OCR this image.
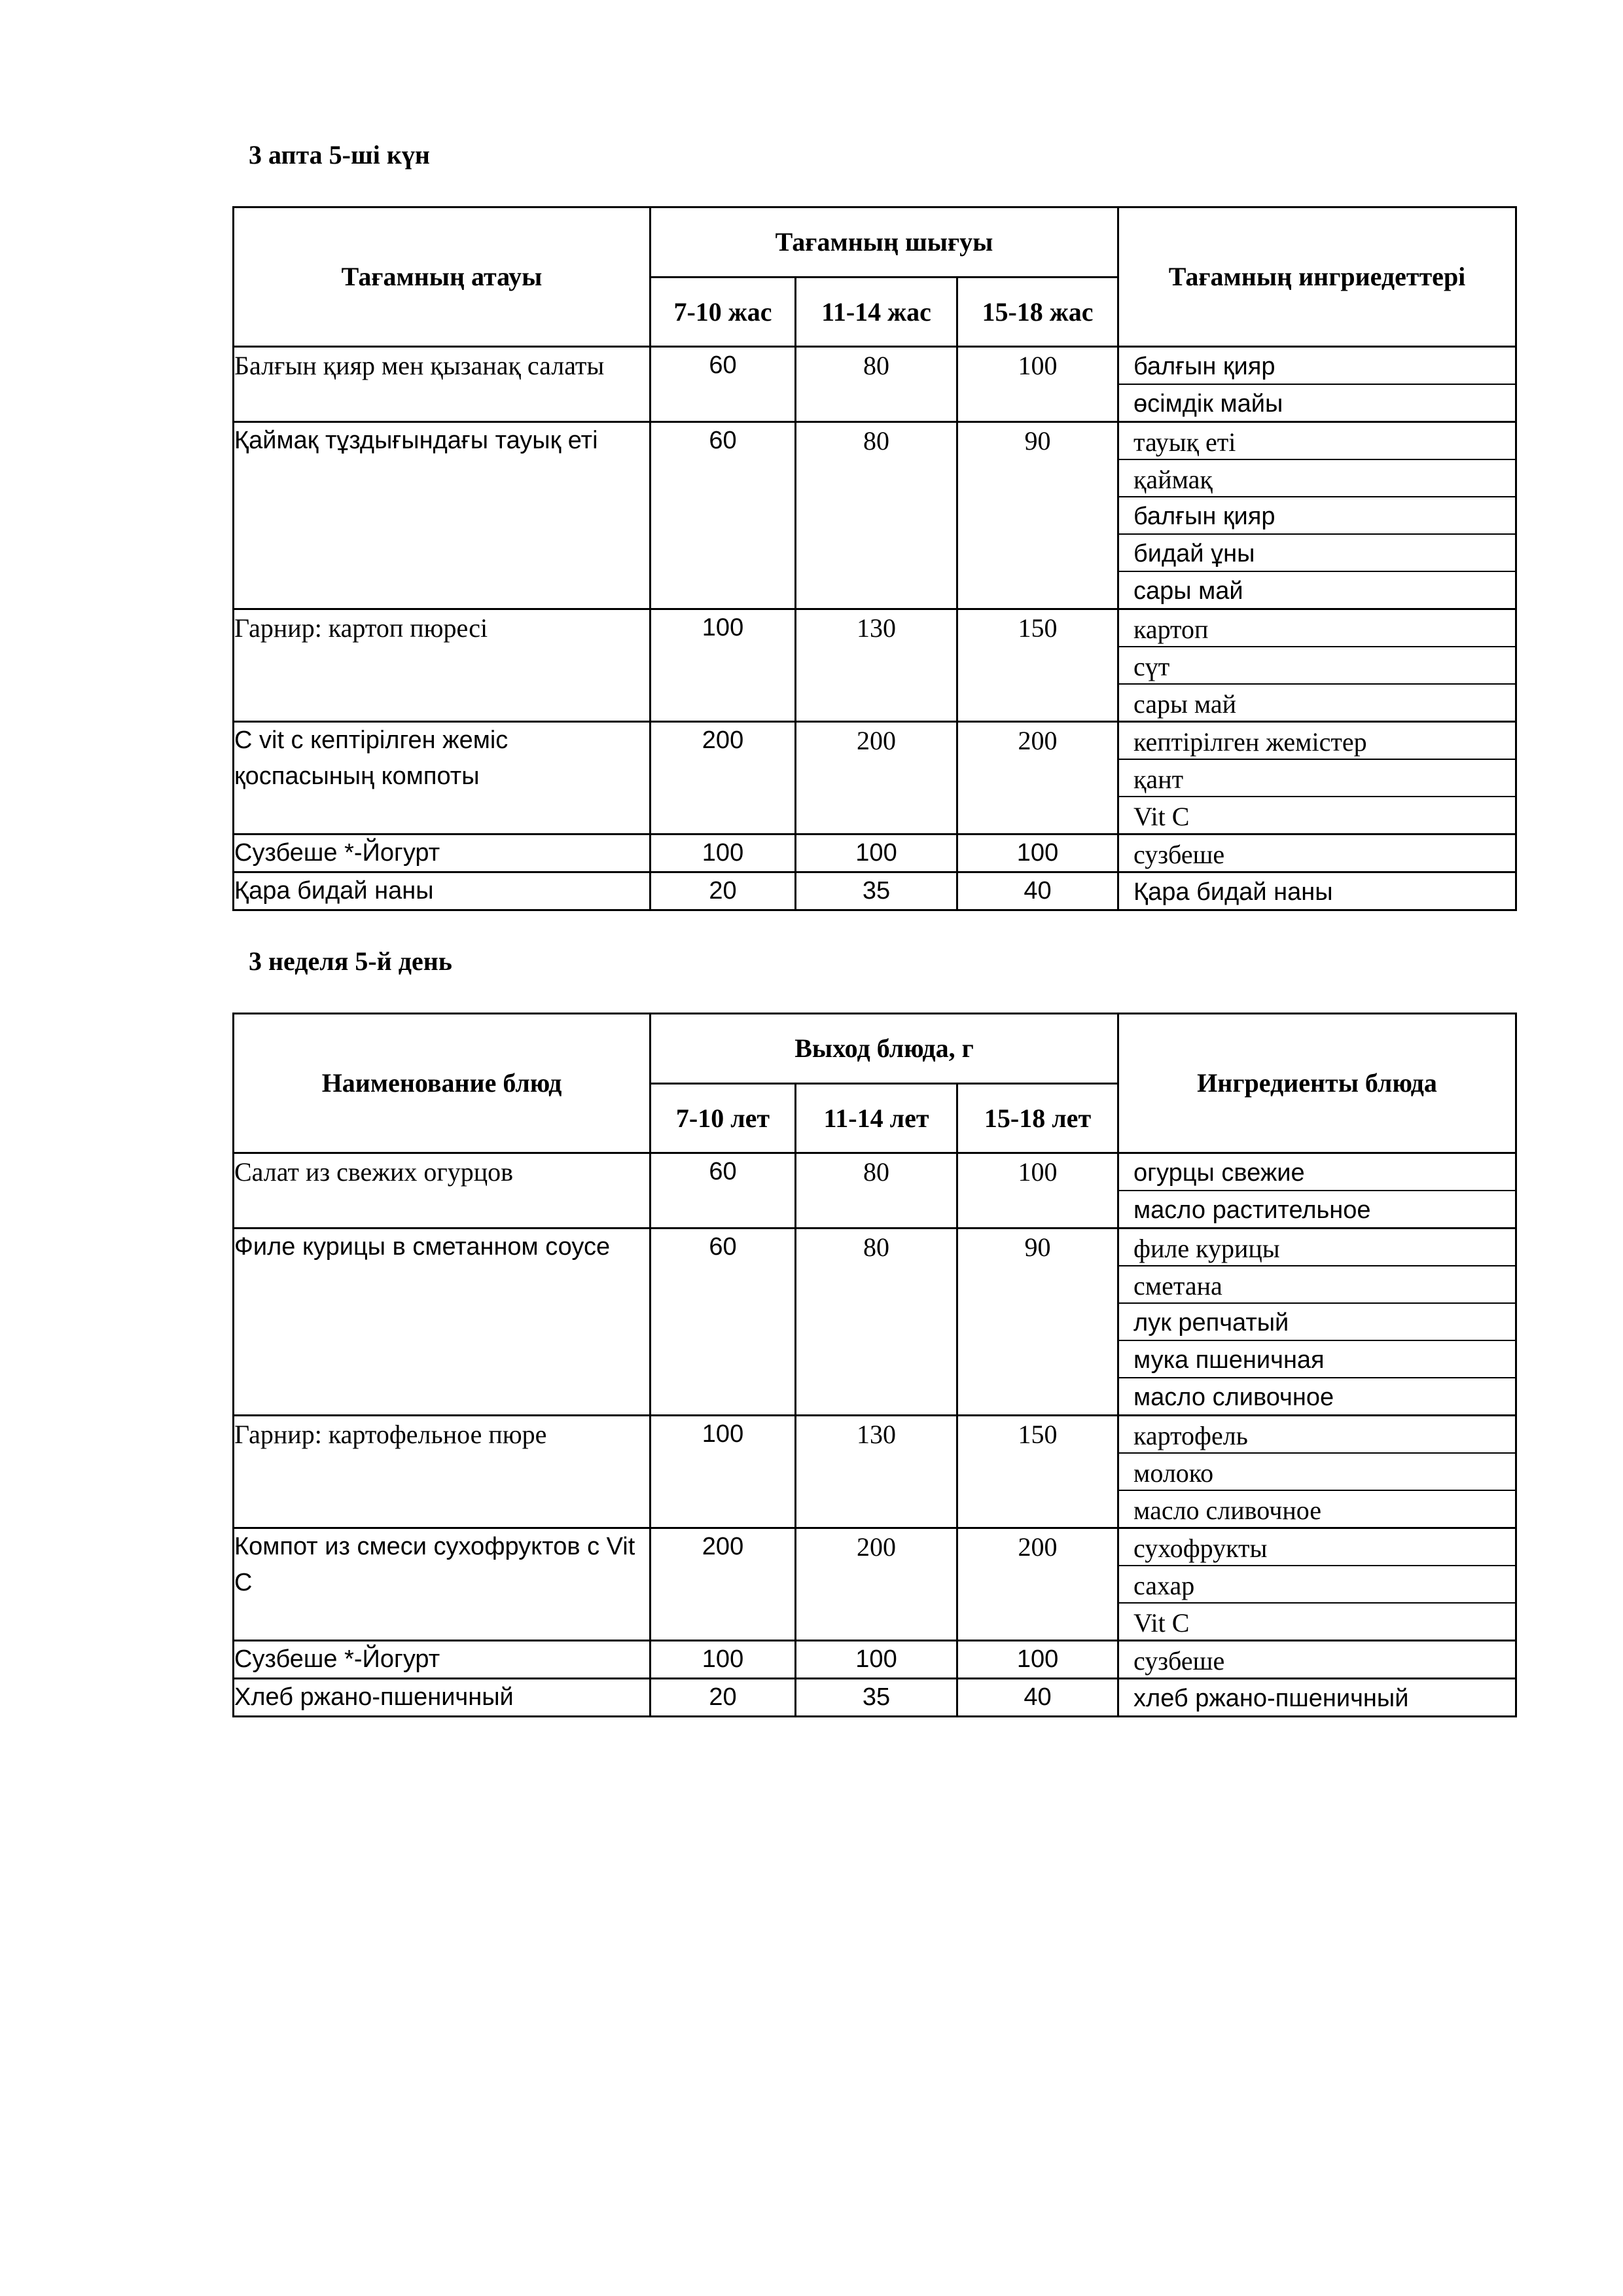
3 апта 5-ші күн
Тағамның атауы	Тағамның шығуы			Тағамның ингриедеттері
	7-10 жас	11-14 жас	15-18 жас	
Балғын қияр мен қызанақ салаты	60	80	100	балғын қияр
өсімдік майы

Қаймақ тұздығындағы тауық еті	60	80	90	тауық еті
қаймақ
балғын қияр
бидай ұны
сары май

Гарнир: картоп пюресі	100	130	150	картоп
сүт
сары май

С vit с кептірілген жеміс қоспасының компоты	200	200	200	кептірілген жемістер
қант
Vit C

Сузбеше *-Йогурт	100	100	100	сузбеше

Қара бидай наны	20	35	40	Қара бидай наны
3 неделя 5-й день
Наименование блюд	Выход блюда, г			Ингредиенты блюда
	7-10 лет	11-14 лет	15-18 лет	
Салат из свежих огурцов	60	80	100	огурцы свежие
масло растительное

Филе курицы в сметанном соусе	60	80	90	филе курицы
сметана
лук репчатый
мука пшеничная
масло сливочное

Гарнир: картофельное пюре	100	130	150	картофель
молоко
масло сливочное

Компот из смеси сухофруктов с Vit C	200	200	200	сухофрукты
сахар
Vit C

Сузбеше *-Йогурт	100	100	100	сузбеше

Хлеб ржано-пшеничный	20	35	40	хлеб ржано-пшеничный
